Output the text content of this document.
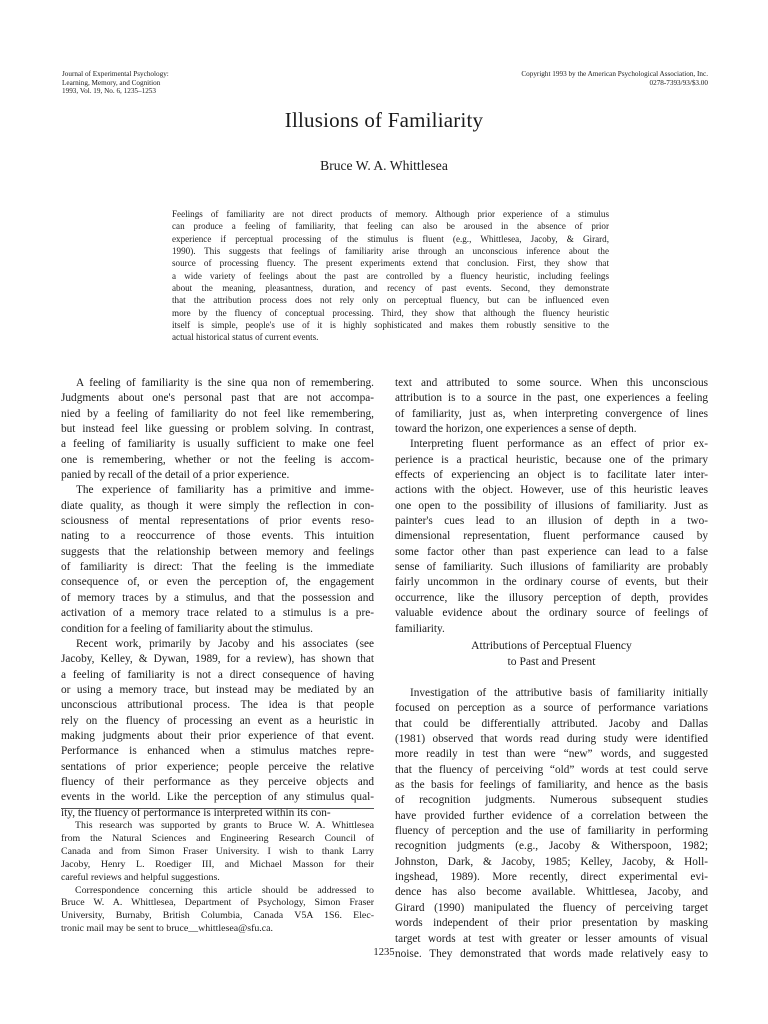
Journal of Experimental Psychology:
Learning, Memory, and Cognition
1993, Vol. 19, No. 6, 1235–1253
Copyright 1993 by the American Psychological Association, Inc.
0278-7393/93/$3.00
Illusions of Familiarity
Bruce W. A. Whittlesea
Feelings of familiarity are not direct products of memory. Although prior experience of a stimulus
can produce a feeling of familiarity, that feeling can also be aroused in the absence of prior
experience if perceptual processing of the stimulus is fluent (e.g., Whittlesea, Jacoby, & Girard,
1990). This suggests that feelings of familiarity arise through an unconscious inference about the
source of processing fluency. The present experiments extend that conclusion. First, they show that
a wide variety of feelings about the past are controlled by a fluency heuristic, including feelings
about the meaning, pleasantness, duration, and recency of past events. Second, they demonstrate
that the attribution process does not rely only on perceptual fluency, but can be influenced even
more by the fluency of conceptual processing. Third, they show that although the fluency heuristic
itself is simple, people's use of it is highly sophisticated and makes them robustly sensitive to the
actual historical status of current events.
A feeling of familiarity is the sine qua non of remembering.
Judgments about one's personal past that are not accompa-
nied by a feeling of familiarity do not feel like remembering,
but instead feel like guessing or problem solving. In contrast,
a feeling of familiarity is usually sufficient to make one feel
one is remembering, whether or not the feeling is accom-
panied by recall of the detail of a prior experience.
The experience of familiarity has a primitive and imme-
diate quality, as though it were simply the reflection in con-
sciousness of mental representations of prior events reso-
nating to a reoccurrence of those events. This intuition
suggests that the relationship between memory and feelings
of familiarity is direct: That the feeling is the immediate
consequence of, or even the perception of, the engagement
of memory traces by a stimulus, and that the possession and
activation of a memory trace related to a stimulus is a pre-
condition for a feeling of familiarity about the stimulus.
Recent work, primarily by Jacoby and his associates (see
Jacoby, Kelley, & Dywan, 1989, for a review), has shown that
a feeling of familiarity is not a direct consequence of having
or using a memory trace, but instead may be mediated by an
unconscious attributional process. The idea is that people
rely on the fluency of processing an event as a heuristic in
making judgments about their prior experience of that event.
Performance is enhanced when a stimulus matches repre-
sentations of prior experience; people perceive the relative
fluency of their performance as they perceive objects and
events in the world. Like the perception of any stimulus qual-
ity, the fluency of performance is interpreted within its con-
This research was supported by grants to Bruce W. A. Whittlesea
from the Natural Sciences and Engineering Research Council of
Canada and from Simon Fraser University. I wish to thank Larry
Jacoby, Henry L. Roediger III, and Michael Masson for their
careful reviews and helpful suggestions.
Correspondence concerning this article should be addressed to
Bruce W. A. Whittlesea, Department of Psychology, Simon Fraser
University, Burnaby, British Columbia, Canada V5A 1S6. Elec-
tronic mail may be sent to bruce__whittlesea@sfu.ca.
text and attributed to some source. When this unconscious
attribution is to a source in the past, one experiences a feeling
of familiarity, just as, when interpreting convergence of lines
toward the horizon, one experiences a sense of depth.
Interpreting fluent performance as an effect of prior ex-
perience is a practical heuristic, because one of the primary
effects of experiencing an object is to facilitate later inter-
actions with the object. However, use of this heuristic leaves
one open to the possibility of illusions of familiarity. Just as
painter's cues lead to an illusion of depth in a two-
dimensional representation, fluent performance caused by
some factor other than past experience can lead to a false
sense of familiarity. Such illusions of familiarity are probably
fairly uncommon in the ordinary course of events, but their
occurrence, like the illusory perception of depth, provides
valuable evidence about the ordinary source of feelings of
familiarity.
Attributions of Perceptual Fluency
to Past and Present
Investigation of the attributive basis of familiarity initially
focused on perception as a source of performance variations
that could be differentially attributed. Jacoby and Dallas
(1981) observed that words read during study were identified
more readily in test than were “new” words, and suggested
that the fluency of perceiving “old” words at test could serve
as the basis for feelings of familiarity, and hence as the basis
of recognition judgments. Numerous subsequent studies
have provided further evidence of a correlation between the
fluency of perception and the use of familiarity in performing
recognition judgments (e.g., Jacoby & Witherspoon, 1982;
Johnston, Dark, & Jacoby, 1985; Kelley, Jacoby, & Holl-
ingshead, 1989). More recently, direct experimental evi-
dence has also become available. Whittlesea, Jacoby, and
Girard (1990) manipulated the fluency of perceiving target
words independent of their prior presentation by masking
target words at test with greater or lesser amounts of visual
noise. They demonstrated that words made relatively easy to
1235
